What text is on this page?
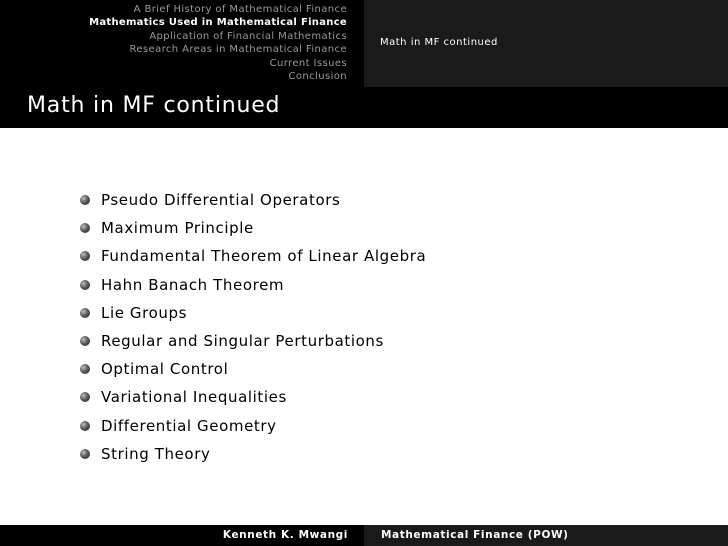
A Brief History of Mathematical Finance
Mathematics Used in Mathematical Finance
Application of Financial Mathematics
Research Areas in Mathematical Finance
Current Issues
Conclusion
Math in MF continued
Math in MF continued
Pseudo Differential Operators
Maximum Principle
Fundamental Theorem of Linear Algebra
Hahn Banach Theorem
Lie Groups
Regular and Singular Perturbations
Optimal Control
Variational Inequalities
Differential Geometry
String Theory
Kenneth K. Mwangi	Mathematical Finance (POW)
